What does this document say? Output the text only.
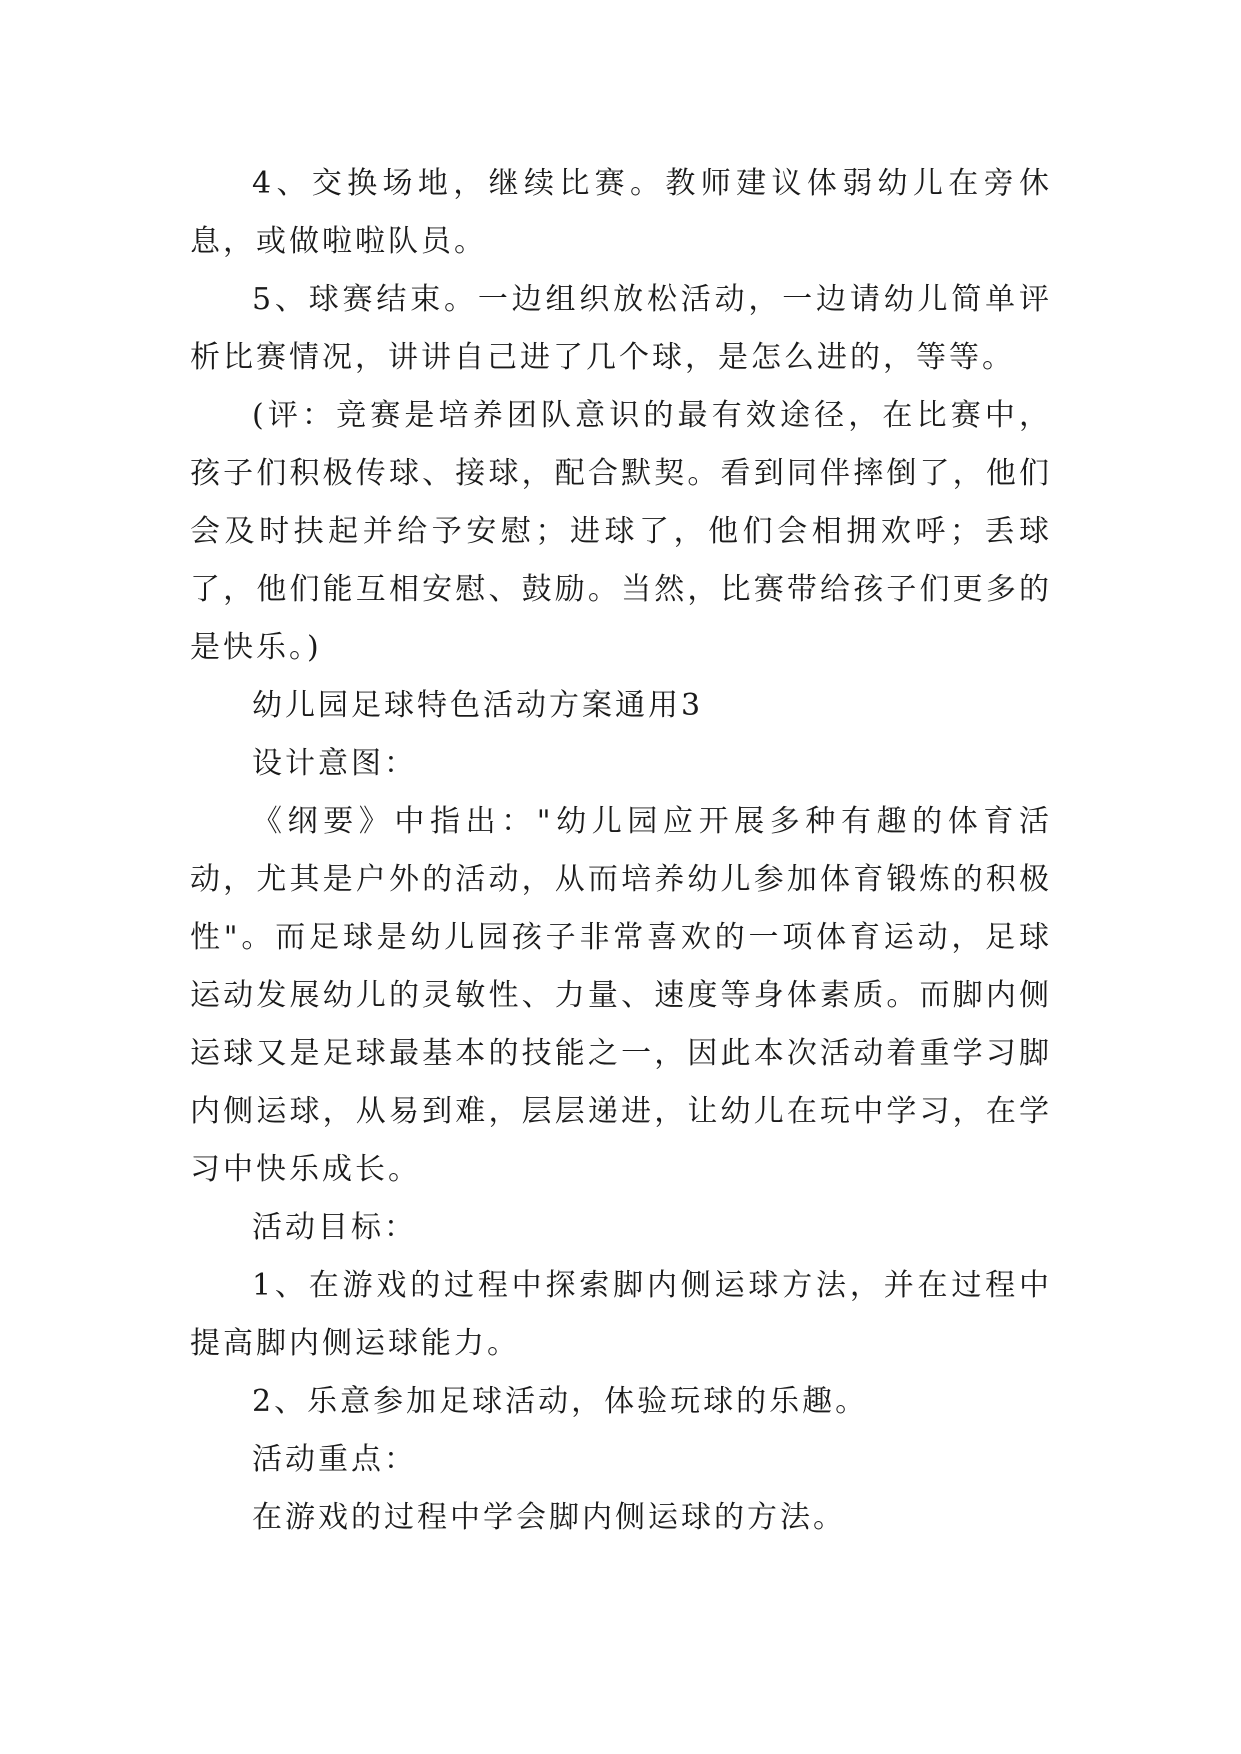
4、交换场地，继续比赛。教师建议体弱幼儿在旁休息，或做啦啦队员。

5、球赛结束。一边组织放松活动，一边请幼儿简单评析比赛情况，讲讲自己进了几个球，是怎么进的，等等。

(评：竞赛是培养团队意识的最有效途径，在比赛中，孩子们积极传球、接球，配合默契。看到同伴摔倒了，他们会及时扶起并给予安慰；进球了，他们会相拥欢呼；丢球了，他们能互相安慰、鼓励。当然，比赛带给孩子们更多的是快乐。)

幼儿园足球特色活动方案通用3

设计意图：

《纲要》中指出："幼儿园应开展多种有趣的体育活动，尤其是户外的活动，从而培养幼儿参加体育锻炼的积极性"。而足球是幼儿园孩子非常喜欢的一项体育运动，足球运动发展幼儿的灵敏性、力量、速度等身体素质。而脚内侧运球又是足球最基本的技能之一，因此本次活动着重学习脚内侧运球，从易到难，层层递进，让幼儿在玩中学习，在学习中快乐成长。

活动目标：

1、在游戏的过程中探索脚内侧运球方法，并在过程中提高脚内侧运球能力。

2、乐意参加足球活动，体验玩球的乐趣。

活动重点：

在游戏的过程中学会脚内侧运球的方法。
